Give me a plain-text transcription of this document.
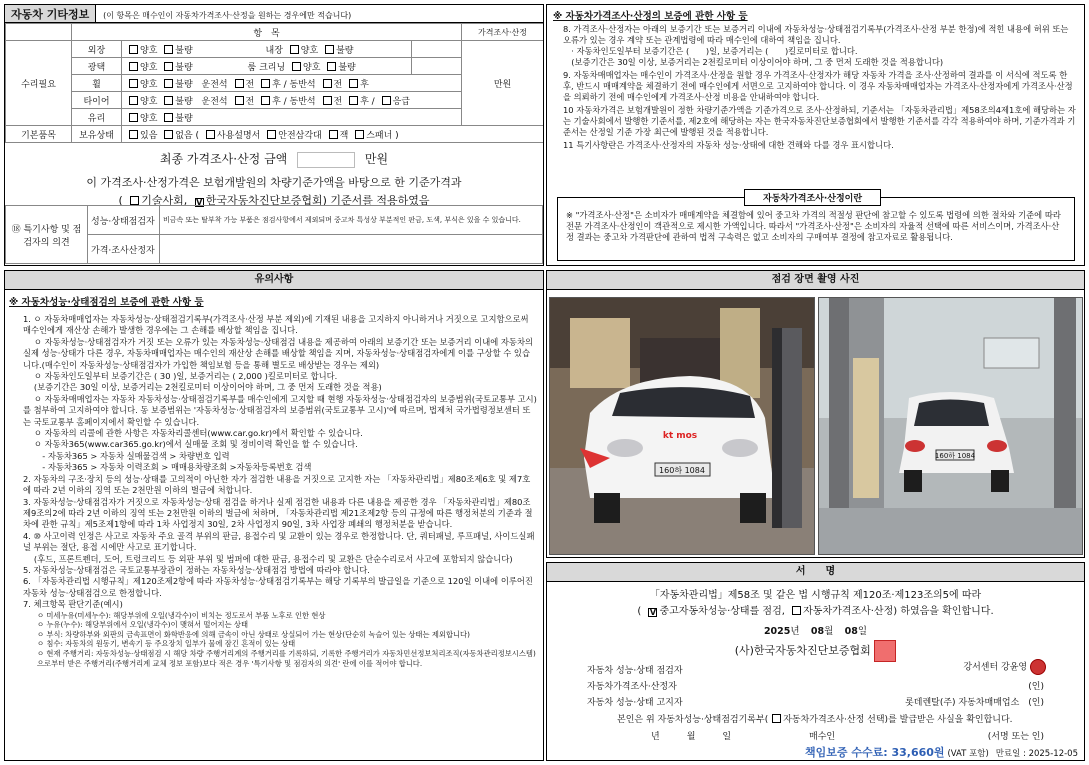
자동차 기타정보 (이 항목은 매수인이 자동차가격조사·산정을 원하는 경우에만 적습니다)
	항　목			가격조사·산정
수리필요	외장	양호 불량 내장 양호 불량		만원
	광택	양호 불량 룸 크리닝 양호 불량		
	휠	양호 불량 운전석 전 후 / 동반석 전 후		
	타이어	양호 불량 운전석 전 후 / 동반석 전 후 / 응급		
	유리	양호 불량		
기본품목	보유상태	있음 없음 ( 사용설명서 안전삼각대 잭 스패너 )		
최종 가격조사·산정 금액	만원
이 가격조사·산정가격은 보험개발원의 차량기준가액을 바탕으로 한 기준가격과
( 기술사회, V 한국자동차진단보증협회) 기준서를 적용하였음
⑱ 특기사항 및 점검자의 의견	성능·상태점검자	비금속 또는 탈부착 가능 부품은 점검사항에서 제외되며 중고차 특성상 부분적인 판금, 도색, 부식은 있을 수 있습니다.
	가격·조사산정자	
※ 자동차가격조사·산정의 보증에 관한 사항 등
8. 가격조사·산정자는 아래의 보증기간 또는 보증거리 이내에 자동차성능·상태점검기록부(가격조사·산정 부분 한정)에 적힌 내용에 허위 또는 오류가 있는 경우 계약 또는 관계법령에 따라 매수인에 대하여 책임을 집니다.
　· 자동차인도일부터 보증기간은 (　　)일, 보증거리는 (　　)킬로미터로 합니다.
　(보증기간은 30일 이상, 보증거리는 2천킬로미터 이상이어야 하며, 그 중 먼저 도래한 것을 적용합니다)
9. 자동차매매업자는 매수인이 가격조사·산정을 원할 경우 가격조사·산정자가 해당 자동차 가격을 조사·산정하여 결과를 이 서식에 적도록 한 후, 반드시 매매계약을 체결하기 전에 매수인에게 서면으로 고지하여야 합니다. 이 경우 자동차매매업자는 가격조사·산정자에게 가격조사·산정을 의뢰하기 전에 매수인에게 가격조사·산정 비용을 안내하여야 합니다.
10 자동차가격은 보험개발원이 정한 차량기준가액을 기준가격으로 조사·산정하되, 기준서는 「자동차관리법」제58조의4제1호에 해당하는 자는 기술사회에서 발행한 기준서를, 제2호에 해당하는 자는 한국자동차진단보증협회에서 발행한 기준서를 각각 적용하여야 하며, 기준가격과 기준서는 산정일 기준 가장 최근에 발행된 것을 적용합니다.
11 특기사항란은 가격조사·산정자의 자동차 성능·상태에 대한 견해와 다를 경우 표시합니다.
자동차가격조사·산정이란
※ "가격조사·산정"은 소비자가 매매계약을 체결함에 있어 중고차 가격의 적절성 판단에 참고할 수 있도록 법령에 의한 절차와 기준에 따라 전문 가격조사·산정인이 객관적으로 제시한 가액입니다. 따라서 "가격조사·산정"은 소비자의 자율적 선택에 따른 서비스이며, 가격조사·산정 결과는 중고차 가격판단에 관하여 법적 구속력은 없고 소비자의 구매여부 결정에 참고자료로 활용됩니다.
유의사항
※ 자동차성능·상태점검의 보증에 관한 사항 등
1. ㅇ 자동차매매업자는 자동차성능·상태점검기록부(가격조사·산정 부분 제외)에 기재된 내용을 고지하지 아니하거나 거짓으로 고지함으로써 매수인에게 재산상 손해가 발생한 경우에는 그 손해를 배상할 책임을 집니다.
　 ㅇ 자동차성능·상태점검자가 거짓 또는 오류가 있는 자동차성능·상태점검 내용을 제공하여 아래의 보증기간 또는 보증거리 이내에 자동차의 실제 성능·상태가 다른 경우, 자동차매매업자는 매수인의 재산상 손해를 배상할 책임을 지며, 자동차성능·상태점검자에게 이를 구상할 수 있습니다.(매수인이 자동차성능·상태점검자가 가입한 책임보험 등을 통해 별도로 배상받는 경우는 제외)
　 ㅇ 자동차인도일부터 보증기간은 ( 30 )일, 보증거리는 ( 2,000 )킬로미터로 합니다.
　 (보증기간은 30일 이상, 보증거리는 2천킬로미터 이상이어야 하며, 그 중 먼저 도래한 것을 적용)
　 ㅇ 자동차매매업자는 자동차 자동차성능·상태점검기록부를 매수인에게 고지할 때 현행 자동차성능·상태점검자의 보증범위(국토교통부 고시)를 첨부하여 고지하여야 합니다. 동 보증범위는 '자동차성능·상태점검자의 보증범위(국토교통부 고시)'에 따르며, 법제처 국가법령정보센터 또는 국토교통부 홈페이지에서 확인할 수 있습니다.
　 ㅇ 자동차의 리콜에 관한 사항은 자동차리콜센터(www.car.go.kr)에서 확인할 수 있습니다.
　 ㅇ 자동차365(www.car365.go.kr)에서 실매물 조회 및 정비이력 확인을 할 수 있습니다.
　　 - 자동차365 > 자동차 실매물검색 > 차량번호 입력
　　 - 자동차365 > 자동차 이력조회 > 매매용차량조회 >자동차등록번호 검색
2. 자동차의 구조·장치 등의 성능·상태를 고의적이 아닌한 자가 점검한 내용을 거짓으로 고지한 자는 「자동차관리법」제80조제6호 및 제7호에 따라 2년 이하의 징역 또는 2천만원 이하의 벌금에 처합니다.
3. 자동차성능·상태점검자가 거짓으로 자동차성능·상태 점검을 하거나 실제 점검한 내용과 다른 내용을 제공한 경우 「자동차관리법」제80조제9조의2에 따라 2년 이하의 징역 또는 2천만원 이하의 벌금에 처하며, 「자동차관리법 제21조제2항 등의 규정에 따른 행정처분의 기준과 절차에 관한 규칙」제5조제1항에 따라 1차 사업정지 30일, 2차 사업정지 90일, 3차 사업장 폐쇄의 행정처분을 받습니다.
4. ⑩ 사고이력 인정은 사고로 자동차 주요 골격 부위의 판금, 용접수리 및 교환이 있는 경우로 한정합니다. 단, 쿼터패널, 루프패널, 사이드실패널 부위는 절단, 용접 시에만 사고로 표기합니다.
　 (후드, 프론트펜더, 도어, 트렁크리드 등 외판 부위 및 범퍼에 대한 판금, 용접수리 및 교환은 단순수리로서 사고에 포함되지 않습니다)
5. 자동차성능·상태점검은 국토교통부장관이 정하는 자동차성능·상태점검 방법에 따라야 합니다.
6. 「자동차관리법 시행규칙」제120조제2항에 따라 자동차성능·상태점검기록부는 해당 기록부의 발급일을 기준으로 120일 이내에 이루어진 자동차 성능·상태점검으로 한정합니다.
7. 체크항목 판단기준(예시)
ㅇ 미세누유(미세누수): 해당부위에 오일(냉각수)이 비치는 정도로서 부품 노후로 인한 현상
ㅇ 누유(누수): 해당부위에서 오일(냉각수)이 맺혀서 떨어지는 상태
ㅇ 부식: 차량하부와 외판의 금속표면이 화학반응에 의해 금속이 아닌 상태로 상실되어 가는 현상(단순히 녹슬어 있는 상태는 제외합니다)
ㅇ 침수: 자동차의 원동기, 변속기 등 주요장치 일부가 물에 잠긴 흔적이 있는 상태
ㅇ 현재 주행거리: 자동차성능·상태점검 시 해당 차량 주행거리계의 주행거리를 기록하되, 기록한 주행거리가 자동차민선정보처리조직(자동차관리정보시스템)으로부터 받은 주행거리(주행거리계 교체 정보 포함)보다 적은 경우 '특기사항 및 점검자의 의견' 란에 이를 적어야 합니다.
점검 장면 촬영 사진
160하 1084
kt mos
160하 1084
서　　명
「자동차관리법」제58조 및 같은 법 시행규칙 제120조·제123조의5에 따라
( V 중고자동차성능·상태를 점검, 자동차가격조사·산정) 하였음을 확인합니다.
2025년 08월 08일
(사)한국자동차진단보증협회
자동차 성능·상태 점검자	강서센터 강윤영
자동차가격조사·산정자	(인)
자동차 성능·상태 고지자	롯데렌탈(주) 자동차매매업소　(인)
본인은 위 자동차성능·상태점검기록부( 자동차가격조사·산정 선택)를 발급받은 사실을 확인합니다.
년　　　월　　　일	매수인	(서명 또는 인)
책임보증 수수료: 33,660원 (VAT 포함) 만료일 : 2025-12-05
